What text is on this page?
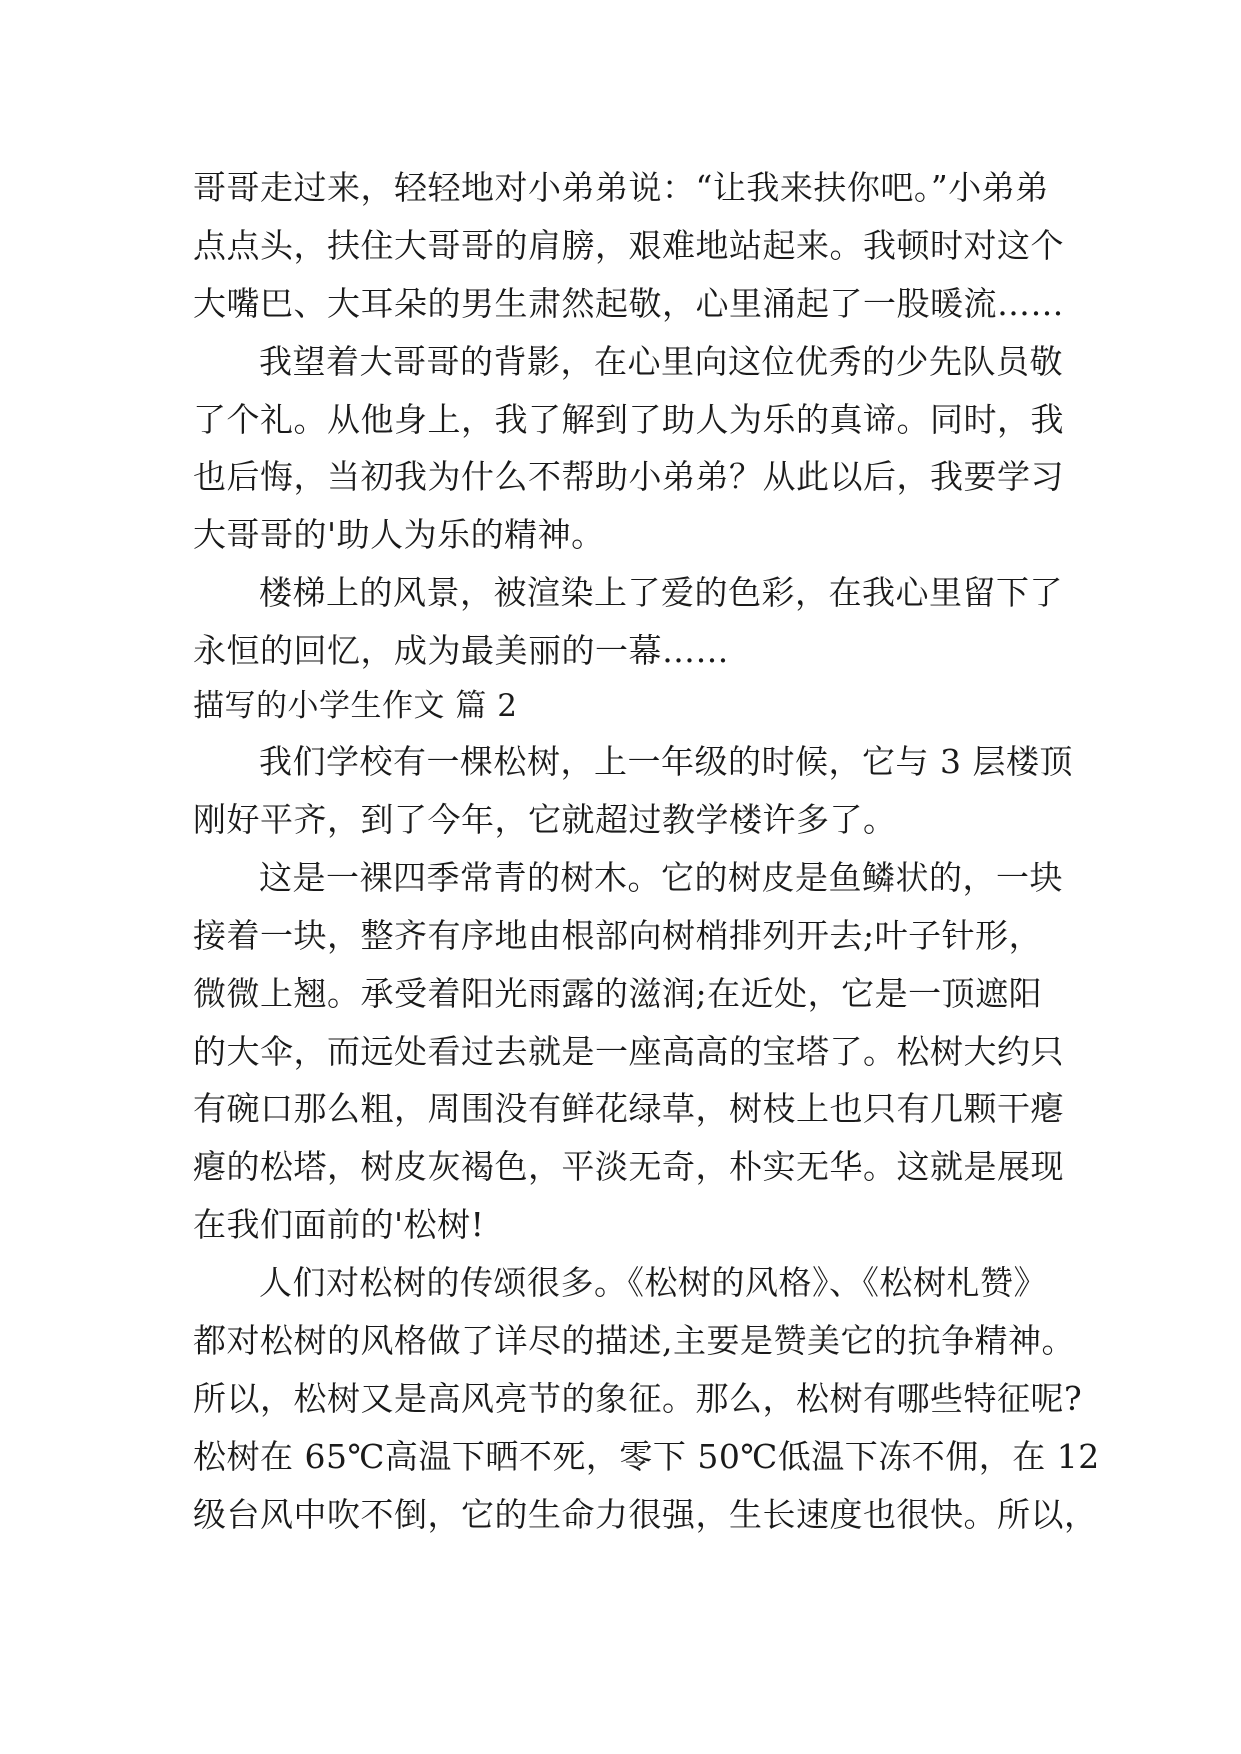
哥哥走过来，轻轻地对小弟弟说：“让我来扶你吧。”小弟弟
点点头，扶住大哥哥的肩膀，艰难地站起来。我顿时对这个
大嘴巴、大耳朵的男生肃然起敬，心里涌起了一股暖流……
我望着大哥哥的背影，在心里向这位优秀的少先队员敬
了个礼。从他身上，我了解到了助人为乐的真谛。同时，我
也后悔，当初我为什么不帮助小弟弟？从此以后，我要学习
大哥哥的'助人为乐的精神。
楼梯上的风景，被渲染上了爱的色彩，在我心里留下了
永恒的回忆，成为最美丽的一幕……
描写的小学生作文 篇 2
我们学校有一棵松树，上一年级的时候，它与 3 层楼顶
刚好平齐，到了今年，它就超过教学楼许多了。
这是一裸四季常青的树木。它的树皮是鱼鳞状的，一块
接着一块，整齐有序地由根部向树梢排列开去;叶子针形，
微微上翘。承受着阳光雨露的滋润;在近处，它是一顶遮阳
的大伞，而远处看过去就是一座高高的宝塔了。松树大约只
有碗口那么粗，周围没有鲜花绿草，树枝上也只有几颗干瘪
瘪的松塔，树皮灰褐色，平淡无奇，朴实无华。这就是展现
在我们面前的'松树!
人们对松树的传颂很多。《松树的风格》、《松树札赞》
都对松树的风格做了详尽的描述,主要是赞美它的抗争精神。
所以，松树又是高风亮节的象征。那么，松树有哪些特征呢?
松树在 65℃高温下晒不死，零下 50℃低温下冻不佣，在 12
级台风中吹不倒，它的生命力很强，生长速度也很快。所以，
